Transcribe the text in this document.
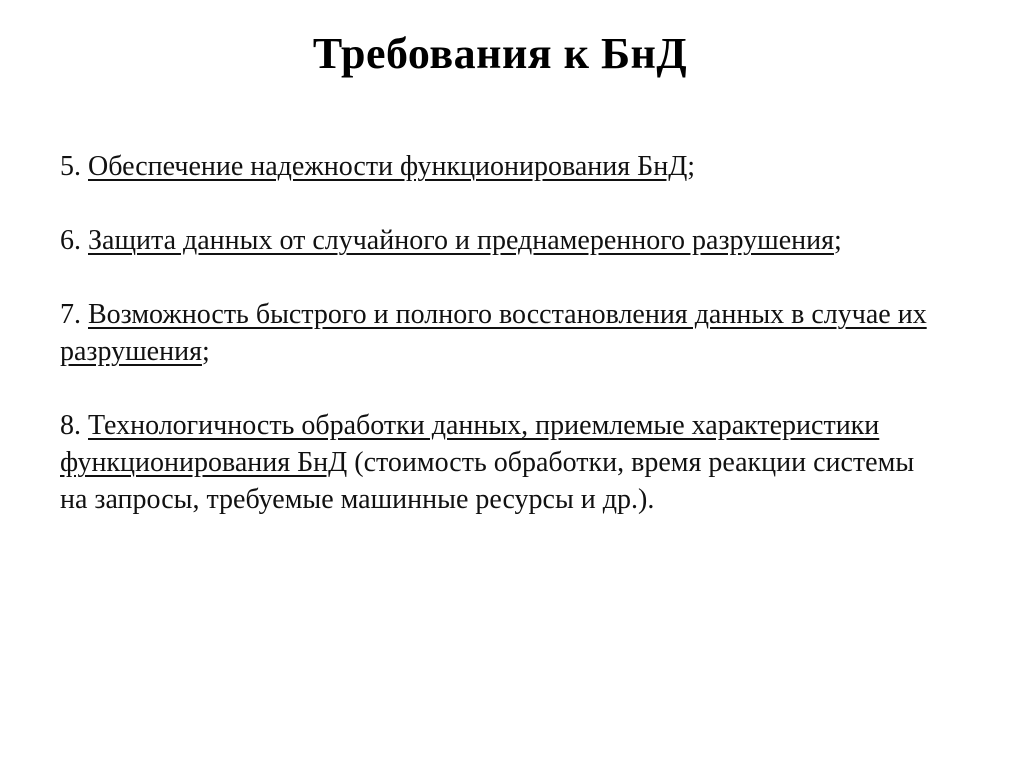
Требования к БнД
5. Обеспечение надежности функционирования БнД;
6. Защита данных от случайного и преднамеренного разрушения;
7. Возможность быстрого и полного восстановления данных в случае их разрушения;
8. Технологичность обработки данных, приемлемые характеристики функционирования БнД (стоимость обработки, время реакции системы на запросы, требуемые машинные ресурсы и др.).
